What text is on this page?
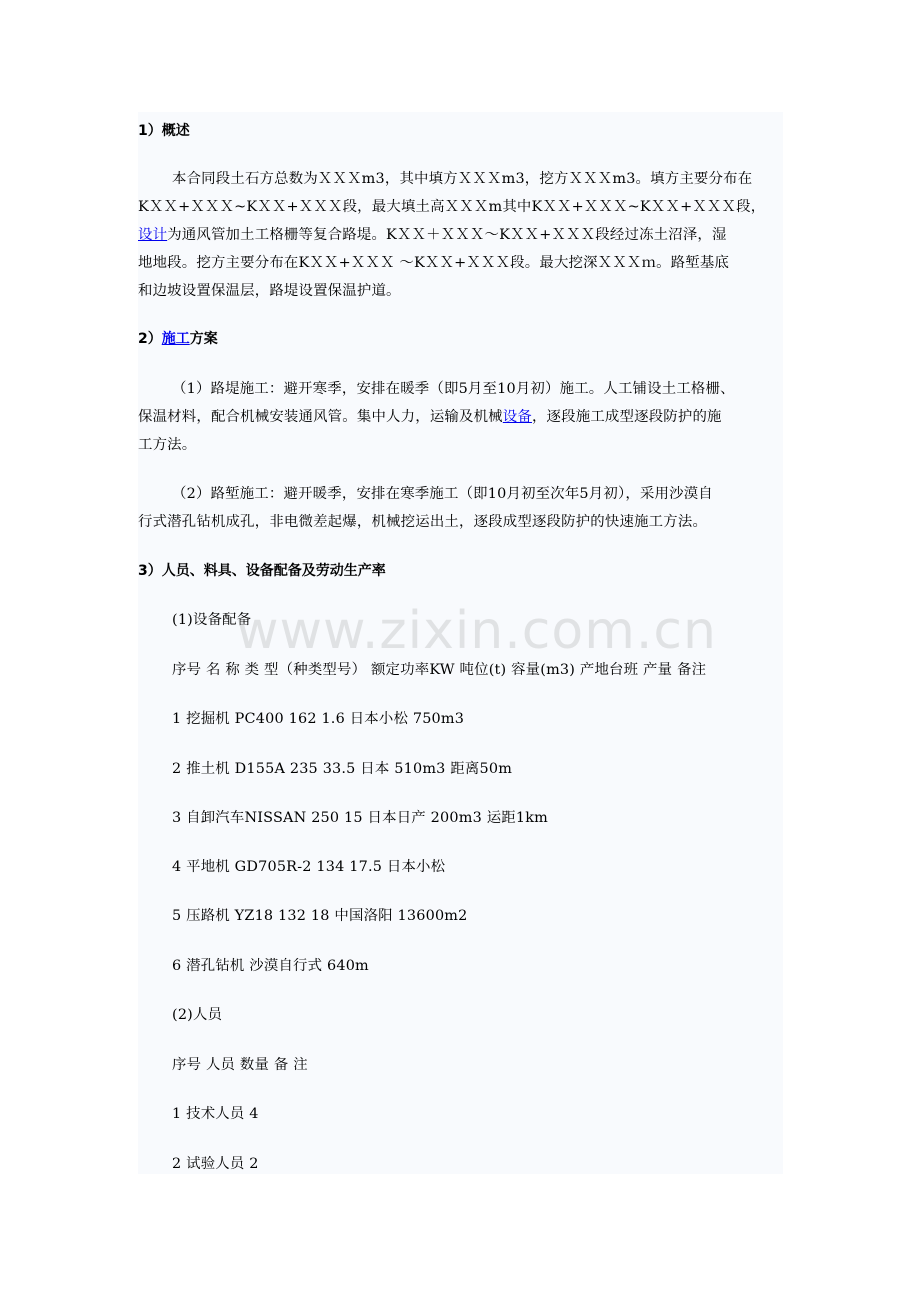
1）概述
本合同段土石方总数为ＸＸＸm3，其中填方ＸＸＸm3，挖方ＸＸＸm3。填方主要分布在
KＸＸ+ＸＸＸ~KＸＸ+ＸＸＸ段，最大填土高ＸＸＸm其中KＸＸ+ＸＸＸ~KＸＸ+ＸＸＸ段，
设计为通风管加土工格栅等复合路堤。KＸＸ＋ＸＸＸ～KＸＸ+ＸＸＸ段经过冻土沼泽，湿
地地段。挖方主要分布在KＸＸ+ＸＸＸ ～KＸＸ+ＸＸＸ段。最大挖深ＸＸＸｍ。路堑基底
和边坡设置保温层，路堤设置保温护道。
2）施工方案
（1）路堤施工：避开寒季，安排在暖季（即5月至10月初）施工。人工铺设土工格栅、
保温材料，配合机械安装通风管。集中人力，运输及机械设备，逐段施工成型逐段防护的施
工方法。
（2）路堑施工：避开暖季，安排在寒季施工（即10月初至次年5月初），采用沙漠自
行式潜孔钻机成孔，非电微差起爆，机械挖运出土，逐段成型逐段防护的快速施工方法。
3）人员、料具、设备配备及劳动生产率
(1)设备配备
序号 名 称 类 型（种类型号） 额定功率KW 吨位(t) 容量(m3) 产地台班 产量 备注
1 挖掘机 PC400 162 1.6 日本小松 750m3
2 推土机 D155A 235 33.5 日本 510m3 距离50m
3 自卸汽车NISSAN 250 15 日本日产 200m3 运距1km
4 平地机 GD705R-2 134 17.5 日本小松
5 压路机 YZ18 132 18 中国洛阳 13600m2
6 潜孔钻机 沙漠自行式 640m
(2)人员
序号 人员 数量 备 注
1 技术人员 4
2 试验人员 2
www.zixin.com.cn
